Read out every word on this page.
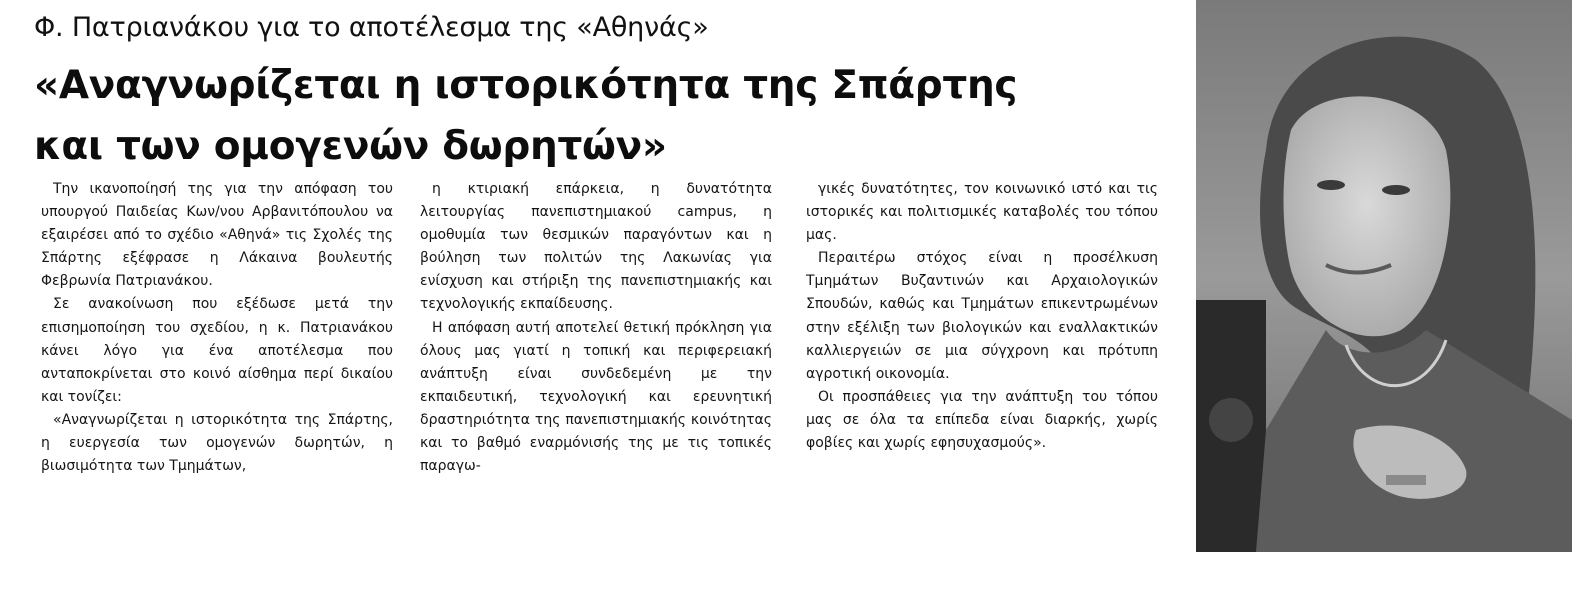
Φ. Πατριανάκου για το αποτέλεσμα της «Αθηνάς»
«Αναγνωρίζεται η ιστορικότητα της Σπάρτης
και των ομογενών δωρητών»

Την ικανοποίησή της για την απόφαση του υπουργού Παιδείας Κων/νου Αρβανιτόπουλου να εξαιρέσει από το σχέδιο «Αθηνά» τις Σχολές της Σπάρτης εξέφρασε η Λάκαινα βουλευτής Φεβρωνία Πατριανάκου.

Σε ανακοίνωση που εξέδωσε μετά την επισημοποίηση του σχεδίου, η κ. Πατριανάκου κάνει λόγο για ένα αποτέλεσμα που ανταποκρίνεται στο κοινό αίσθημα περί δικαίου και τονίζει:

«Αναγνωρίζεται η ιστορικότητα της Σπάρτης, η ευεργεσία των ομογενών δωρητών, η βιωσιμότητα των Τμημάτων,

η κτιριακή επάρκεια, η δυνατότητα λειτουργίας πανεπιστημιακού campus, η ομοθυμία των θεσμικών παραγόντων και η βούληση των πολιτών της Λακωνίας για ενίσχυση και στήριξη της πανεπιστημιακής και τεχνολογικής εκπαίδευσης.

Η απόφαση αυτή αποτελεί θετική πρόκληση για όλους μας γιατί η τοπική και περιφερειακή ανάπτυξη είναι συνδεδεμένη με την εκπαιδευτική, τεχνολογική και ερευνητική δραστηριότητα της πανεπιστημιακής κοινότητας και το βαθμό εναρμόνισής της με τις τοπικές παραγω-

γικές δυνατότητες, τον κοινωνικό ιστό και τις ιστορικές και πολιτισμικές καταβολές του τόπου μας.

Περαιτέρω στόχος είναι η προσέλκυση Τμημάτων Βυζαντινών και Αρχαιολογικών Σπουδών, καθώς και Τμημάτων επικεντρωμένων στην εξέλιξη των βιολογικών και εναλλακτικών καλλιεργειών σε μια σύγχρονη και πρότυπη αγροτική οικονομία.

Οι προσπάθειες για την ανάπτυξη του τόπου μας σε όλα τα επίπεδα είναι διαρκής, χωρίς φοβίες και χωρίς εφησυχασμούς».
